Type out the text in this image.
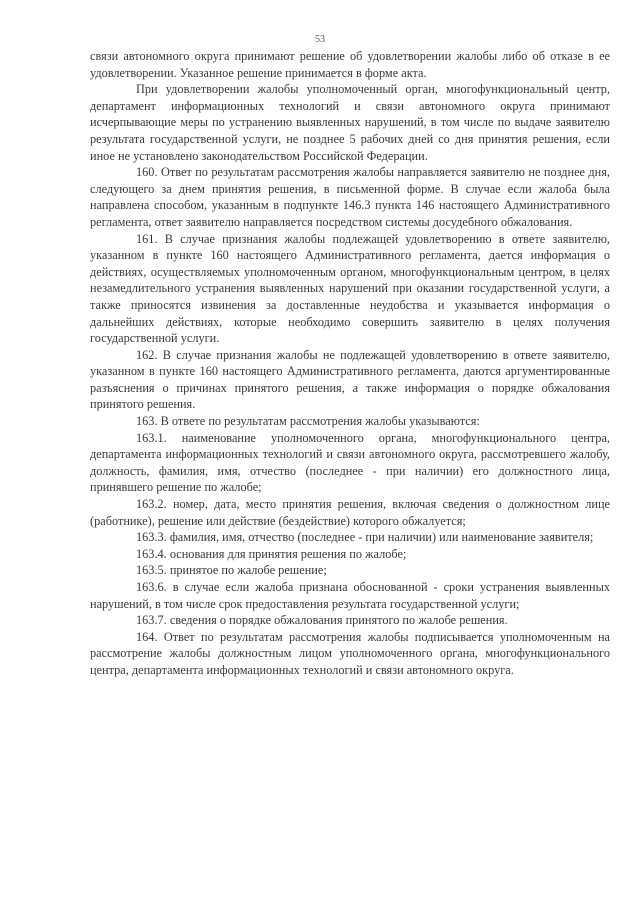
53

связи автономного округа принимают решение об удовлетворении жалобы либо об отказе в ее удовлетворении. Указанное решение принимается в форме акта.

При удовлетворении жалобы уполномоченный орган, многофункциональный центр, департамент информационных технологий и связи автономного округа принимают исчерпывающие меры по устранению выявленных нарушений, в том числе по выдаче заявителю результата государственной услуги, не позднее 5 рабочих дней со дня принятия решения, если иное не установлено законодательством Российской Федерации.

160. Ответ по результатам рассмотрения жалобы направляется заявителю не позднее дня, следующего за днем принятия решения, в письменной форме. В случае если жалоба была направлена способом, указанным в подпункте 146.3 пункта 146 настоящего Административного регламента, ответ заявителю направляется посредством системы досудебного обжалования.

161. В случае признания жалобы подлежащей удовлетворению в ответе заявителю, указанном в пункте 160 настоящего Административного регламента, дается информация о действиях, осуществляемых уполномоченным органом, многофункциональным центром, в целях незамедлительного устранения выявленных нарушений при оказании государственной услуги, а также приносятся извинения за доставленные неудобства и указывается информация о дальнейших действиях, которые необходимо совершить заявителю в целях получения государственной услуги.

162. В случае признания жалобы не подлежащей удовлетворению в ответе заявителю, указанном в пункте 160 настоящего Административного регламента, даются аргументированные разъяснения о причинах принятого решения, а также информация о порядке обжалования принятого решения.

163. В ответе по результатам рассмотрения жалобы указываются:

163.1. наименование уполномоченного органа, многофункционального центра, департамента информационных технологий и связи автономного округа, рассмотревшего жалобу, должность, фамилия, имя, отчество (последнее - при наличии) его должностного лица, принявшего решение по жалобе;

163.2. номер, дата, место принятия решения, включая сведения о должностном лице (работнике), решение или действие (бездействие) которого обжалуется;

163.3. фамилия, имя, отчество (последнее - при наличии) или наименование заявителя;

163.4. основания для принятия решения по жалобе;

163.5. принятое по жалобе решение;

163.6. в случае если жалоба признана обоснованной - сроки устранения выявленных нарушений, в том числе срок предоставления результата государственной услуги;

163.7. сведения о порядке обжалования принятого по жалобе решения.

164. Ответ по результатам рассмотрения жалобы подписывается уполномоченным на рассмотрение жалобы должностным лицом уполномоченного органа, многофункционального центра, департамента информационных технологий и связи автономного округа.
